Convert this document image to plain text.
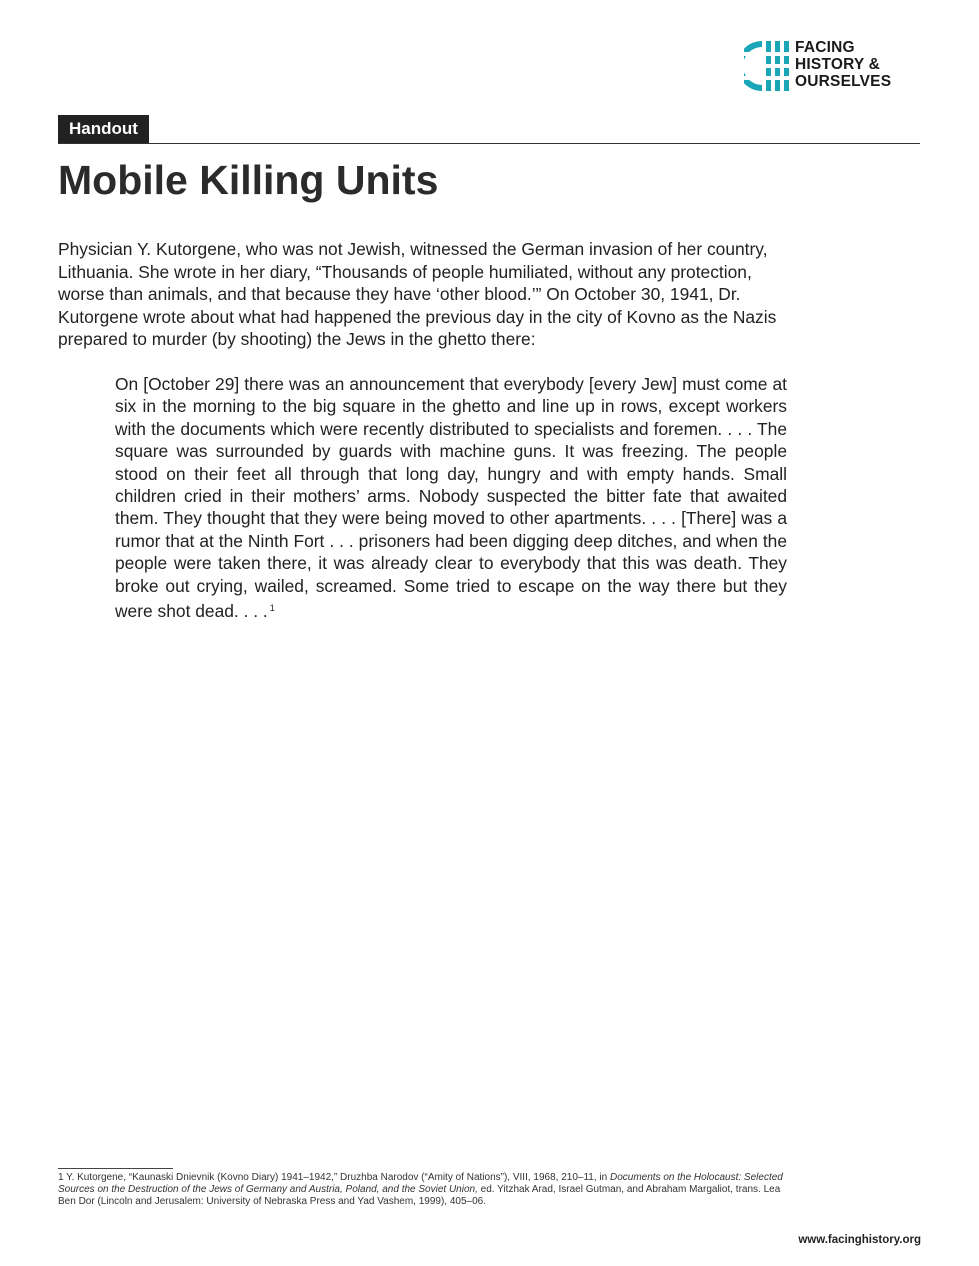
FACING
HISTORY &
OURSELVES
Handout
Mobile Killing Units

Physician Y. Kutorgene, who was not Jewish, witnessed the German invasion of her country, Lithuania. She wrote in her diary, “Thousands of people humiliated, without any protection, worse than animals, and that because they have ‘other blood.’” On October 30, 1941, Dr. Kutorgene wrote about what had happened the previous day in the city of Kovno as the Nazis prepared to murder (by shooting) the Jews in the ghetto there:

On [October 29] there was an announcement that everybody [every Jew] must come at six in the morning to the big square in the ghetto and line up in rows, except workers with the documents which were recently distributed to specialists and foremen. . . . The square was surrounded by guards with machine guns. It was freezing. The people stood on their feet all through that long day, hungry and with empty hands. Small children cried in their mothers’ arms. Nobody suspected the bitter fate that awaited them. They thought that they were being moved to other apartments. . . . [There] was a rumor that at the Ninth Fort . . . prisoners had been digging deep ditches, and when the people were taken there, it was already clear to everybody that this was death. They broke out crying, wailed, screamed. Some tried to escape on the way there but they were shot dead. . . . $^1$

1 Y. Kutorgene, “Kaunaski Dnievnik (Kovno Diary) 1941–1942,” Druzhba Narodov (“Amity of Nations”), VIII, 1968, 210–11, in Documents on the Holocaust: Selected Sources on the Destruction of the Jews of Germany and Austria, Poland, and the Soviet Union, ed. Yitzhak Arad, Israel Gutman, and Abraham Margaliot, trans. Lea Ben Dor (Lincoln and Jerusalem: University of Nebraska Press and Yad Vashem, 1999), 405–06.

www.facinghistory.org
